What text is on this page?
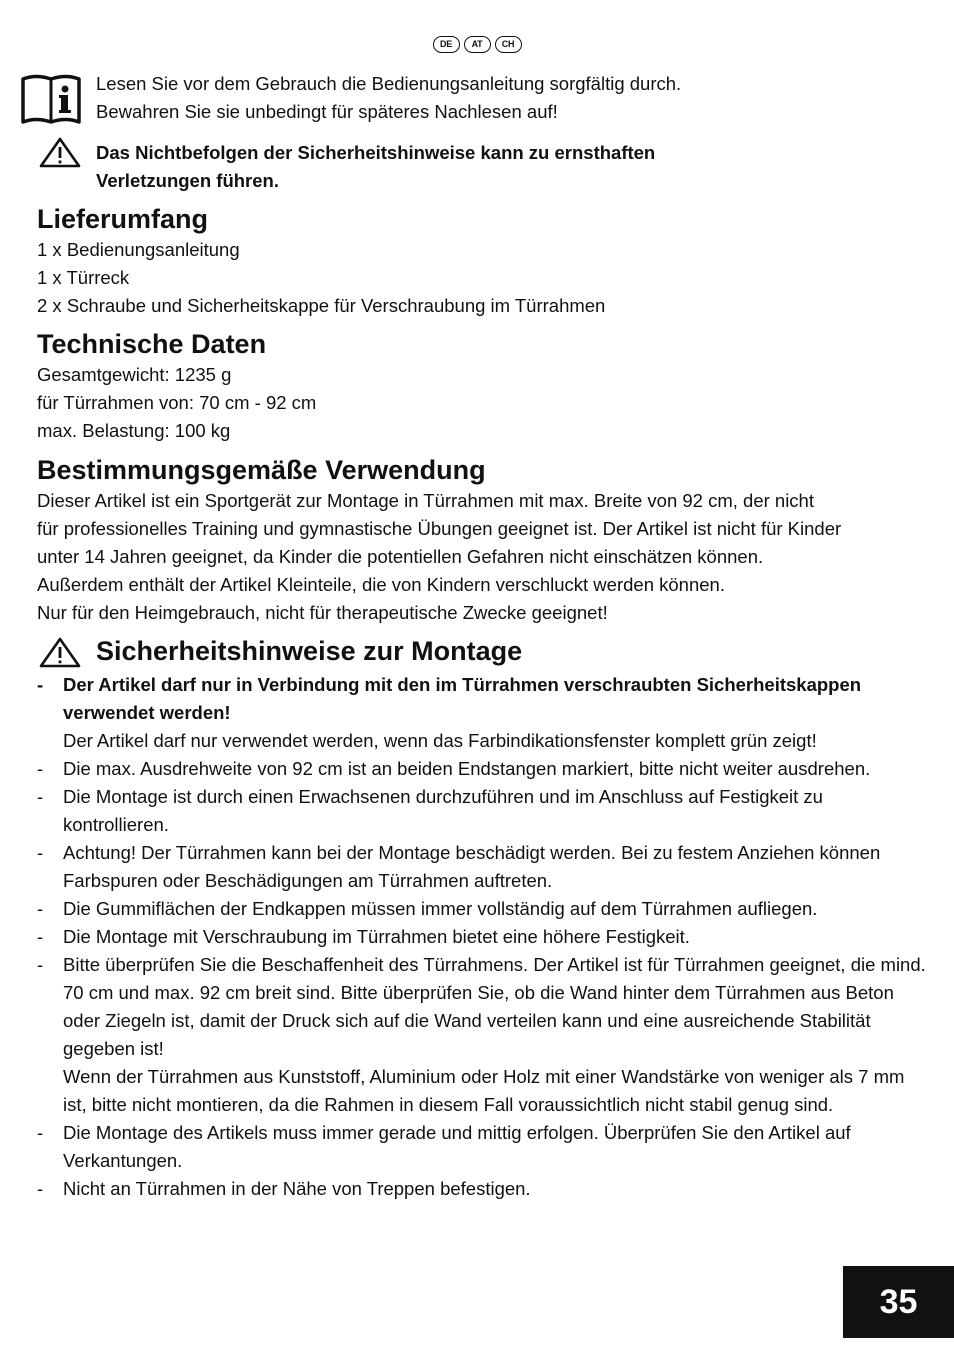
DE	AT	CH
Lesen Sie vor dem Gebrauch die Bedienungsanleitung sorgfältig durch.
Bewahren Sie sie unbedingt für späteres Nachlesen auf!
Das Nichtbefolgen der Sicherheitshinweise kann zu ernsthaften
Verletzungen führen.
Lieferumfang
1 x Bedienungsanleitung
1 x Türreck
2 x Schraube und Sicherheitskappe für Verschraubung im Türrahmen
Technische Daten
Gesamtgewicht: 1235 g
für Türrahmen von: 70 cm - 92 cm
max. Belastung: 100 kg
Bestimmungsgemäße Verwendung
Dieser Artikel ist ein Sportgerät zur Montage in Türrahmen mit max. Breite von 92 cm, der nicht
für professionelles Training und gymnastische Übungen geeignet ist. Der Artikel ist nicht für Kinder
unter 14 Jahren geeignet, da Kinder die potentiellen Gefahren nicht einschätzen können.
Außerdem enthält der Artikel Kleinteile, die von Kindern verschluckt werden können.
Nur für den Heimgebrauch, nicht für therapeutische Zwecke geeignet!
Sicherheitshinweise zur Montage
- Der Artikel darf nur in Verbindung mit den im Türrahmen verschraubten Sicherheitskappen verwendet werden!

Der Artikel darf nur verwendet werden, wenn das Farbindikationsfenster komplett grün zeigt!

- Die max. Ausdrehweite von 92 cm ist an beiden Endstangen markiert, bitte nicht weiter ausdrehen.

- Die Montage ist durch einen Erwachsenen durchzuführen und im Anschluss auf Festigkeit zu kontrollieren.

- Achtung! Der Türrahmen kann bei der Montage beschädigt werden. Bei zu festem Anziehen können Farbspuren oder Beschädigungen am Türrahmen auftreten.

- Die Gummiflächen der Endkappen müssen immer vollständig auf dem Türrahmen aufliegen.

- Die Montage mit Verschraubung im Türrahmen bietet eine höhere Festigkeit.

- Bitte überprüfen Sie die Beschaffenheit des Türrahmens. Der Artikel ist für Türrahmen geeignet, die mind. 70 cm und max. 92 cm breit sind. Bitte überprüfen Sie, ob die Wand hinter dem Türrahmen aus Beton oder Ziegeln ist, damit der Druck sich auf die Wand verteilen kann und eine ausreichende Stabilität gegeben ist!

Wenn der Türrahmen aus Kunststoff, Aluminium oder Holz mit einer Wandstärke von weniger als 7 mm ist, bitte nicht montieren, da die Rahmen in diesem Fall voraussichtlich nicht stabil genug sind.

- Die Montage des Artikels muss immer gerade und mittig erfolgen. Überprüfen Sie den Artikel auf Verkantungen.

- Nicht an Türrahmen in der Nähe von Treppen befestigen.

35
